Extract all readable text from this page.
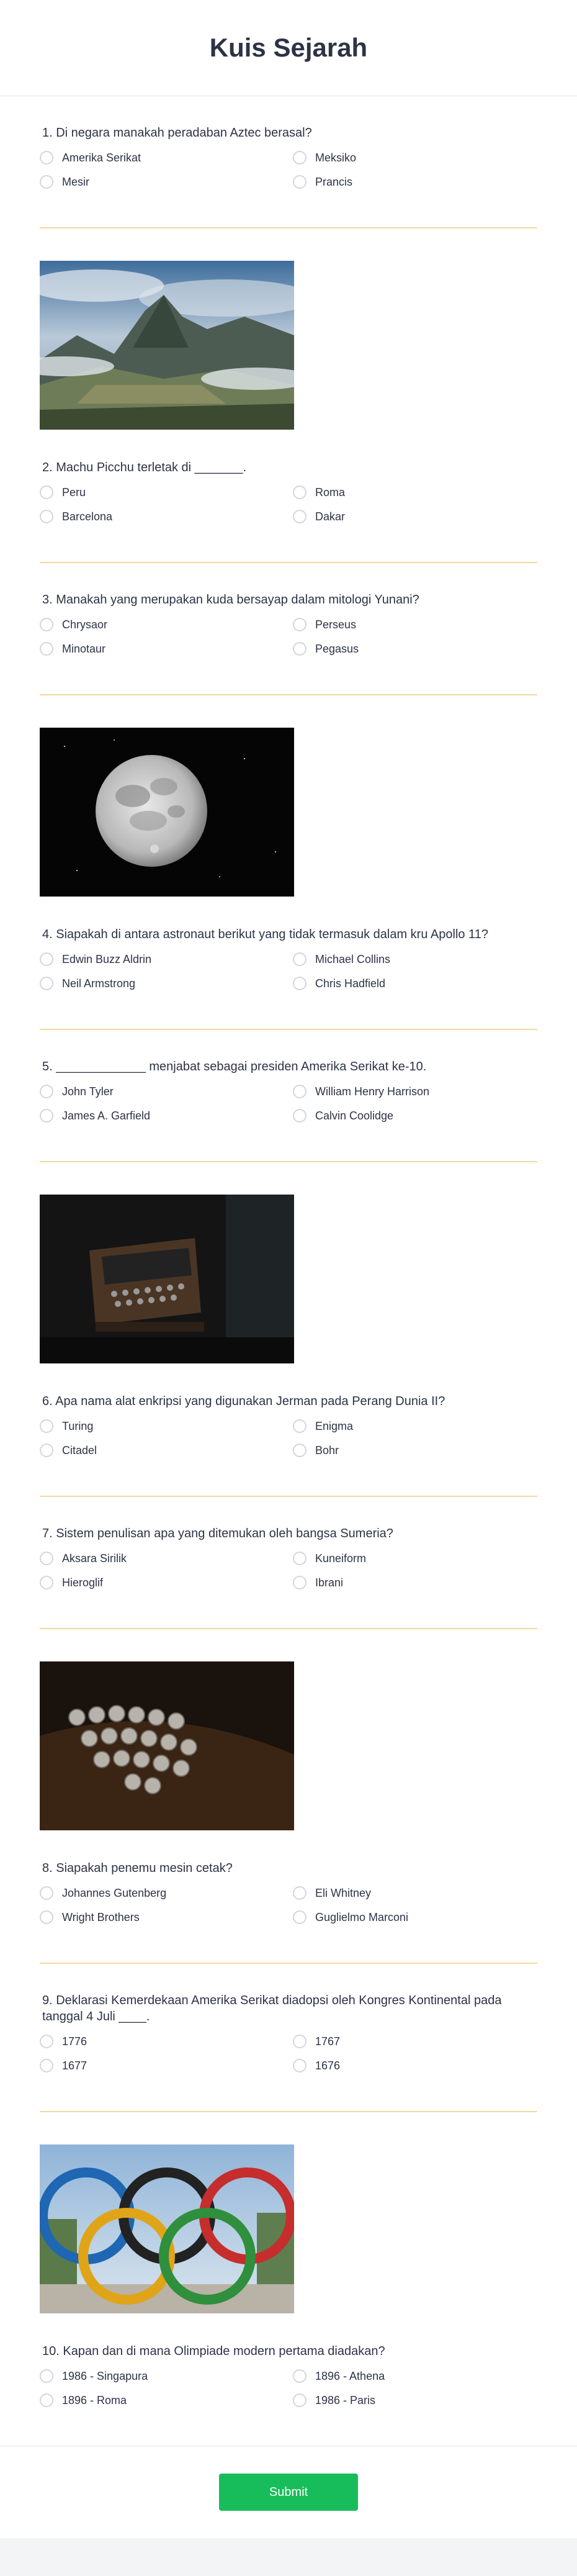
Kuis Sejarah
1. Di negara manakah peradaban Aztec berasal?
Amerika Serikat	Meksiko
Mesir	Prancis
2. Machu Picchu terletak di _______.
Peru	Roma
Barcelona	Dakar
3. Manakah yang merupakan kuda bersayap dalam mitologi Yunani?
Chrysaor	Perseus
Minotaur	Pegasus
4. Siapakah di antara astronaut berikut yang tidak termasuk dalam kru Apollo 11?
Edwin Buzz Aldrin	Michael Collins
Neil Armstrong	Chris Hadfield
5. _____________ menjabat sebagai presiden Amerika Serikat ke-10.
John Tyler	William Henry Harrison
James A. Garfield	Calvin Coolidge
6. Apa nama alat enkripsi yang digunakan Jerman pada Perang Dunia II?
Turing	Enigma
Citadel	Bohr
7. Sistem penulisan apa yang ditemukan oleh bangsa Sumeria?
Aksara Sirilik	Kuneiform
Hieroglif	Ibrani
8. Siapakah penemu mesin cetak?
Johannes Gutenberg	Eli Whitney
Wright Brothers	Guglielmo Marconi
9. Deklarasi Kemerdekaan Amerika Serikat diadopsi oleh Kongres Kontinental pada tanggal 4 Juli ____.
1776	1767
1677	1676
10. Kapan dan di mana Olimpiade modern pertama diadakan?
1986 - Singapura	1896 - Athena
1896 - Roma	1986 - Paris
Submit
